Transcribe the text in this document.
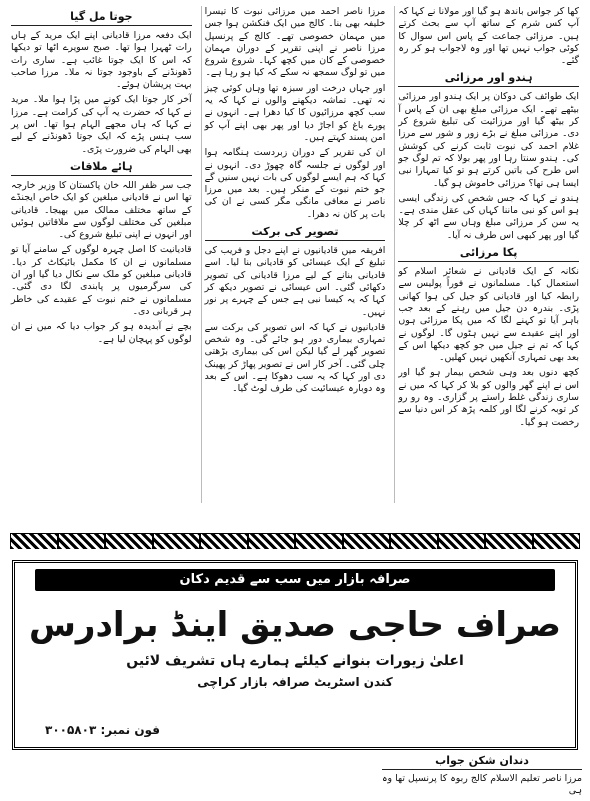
کھا کر جواس باندھ ہو گیا اور مولانا نے کہا کہ آپ کس شرم کے ساتھ آپ سے بحث کرتے ہیں۔ مرزائی جماعت کے پاس اس سوال کا کوئی جواب نہیں تھا اور وہ لاجواب ہو کر رہ گئے۔

ہندو اور مرزائی

ایک طوائف کی دوکان پر ایک ہندو اور مرزائی بیٹھے تھے۔ ایک مرزائی مبلغ بھی ان کے پاس آ کر بیٹھ گیا اور مرزائیت کی تبلیغ شروع کر دی۔ مرزائی مبلغ نے بڑے زور و شور سے مرزا غلام احمد کی نبوت ثابت کرنے کی کوشش کی۔ ہندو سنتا رہا اور پھر بولا کہ تم لوگ جو اس طرح کی باتیں کرتے ہو تو کیا تمہارا نبی ایسا ہی تھا؟ مرزائی خاموش ہو گیا۔

ہندو نے کہا کہ جس شخص کی زندگی ایسی ہو اس کو نبی ماننا کہاں کی عقل مندی ہے۔ یہ سن کر مرزائی مبلغ وہاں سے اٹھ کر چلا گیا اور پھر کبھی اس طرف نہ آیا۔

پکا مرزائی

نکانہ کے ایک قادیانی نے شعائر اسلام کو استعمال کیا۔ مسلمانوں نے فوراً پولیس سے رابطہ کیا اور قادیانی کو جیل کی ہوا کھانی پڑی۔ بندرہ دن جیل میں رہنے کے بعد جب باہر آیا تو کہنے لگا کہ میں پکا مرزائی ہوں اور اپنے عقیدے سے نہیں ہٹوں گا۔ لوگوں نے کہا کہ تم نے جیل میں جو کچھ دیکھا اس کے بعد بھی تمہاری آنکھیں نہیں کھلیں۔

کچھ دنوں بعد وہی شخص بیمار ہو گیا اور اس نے اپنے گھر والوں کو بلا کر کہا کہ میں نے ساری زندگی غلط راستے پر گزاری۔ وہ رو رو کر توبہ کرنے لگا اور کلمہ پڑھ کر اس دنیا سے رخصت ہو گیا۔

مرزا ناصر احمد میں مرزائی نبوت کا تیسرا خلیفہ بھی بنا۔ کالج میں ایک فنکشن ہوا جس میں مہمان خصوصی تھے۔ کالج کے پرنسپل مرزا ناصر نے اپنی تقریر کے دوران مہمان خصوصی کے کان میں کچھ کہا۔ شروع شروع میں تو لوگ سمجھ نہ سکے کہ کیا ہو رہا ہے۔

اور جہاں درخت اور سبزہ تھا وہاں کوئی چیز نہ تھی۔ تماشہ دیکھنے والوں نے کہا کہ یہ سب کچھ مرزائیوں کا کیا دھرا ہے۔ انہوں نے پورے باغ کو اجاڑ دیا اور پھر بھی اپنے آپ کو امن پسند کہتے ہیں۔

ان کی تقریر کے دوران زبردست ہنگامہ ہوا اور لوگوں نے جلسہ گاہ چھوڑ دی۔ انہوں نے کہا کہ ہم ایسے لوگوں کی بات نہیں سنیں گے جو ختم نبوت کے منکر ہیں۔ بعد میں مرزا ناصر نے معافی مانگی مگر کسی نے ان کی بات پر کان نہ دھرا۔

تصویر کی برکت

افریقہ میں قادیانیوں نے اپنے دجل و فریب کی تبلیغ کے ایک عیسائی کو قادیانی بنا لیا۔ اسے قادیانی بنانے کے لیے مرزا قادیانی کی تصویر دکھائی گئی۔ اس عیسائی نے تصویر دیکھ کر کہا کہ یہ کیسا نبی ہے جس کے چہرے پر نور نہیں۔

قادیانیوں نے کہا کہ اس تصویر کی برکت سے تمہاری بیماری دور ہو جائے گی۔ وہ شخص تصویر گھر لے گیا لیکن اس کی بیماری بڑھتی چلی گئی۔ آخر کار اس نے تصویر پھاڑ کر پھینک دی اور کہا کہ یہ سب دھوکا ہے۔ اس کے بعد وہ دوبارہ عیسائیت کی طرف لوٹ گیا۔

جوتا مل گیا

ایک دفعہ مرزا قادیانی اپنے ایک مرید کے ہاں رات ٹھہرا ہوا تھا۔ صبح سویرے اٹھا تو دیکھا کہ اس کا ایک جوتا غائب ہے۔ ساری رات ڈھونڈنے کے باوجود جوتا نہ ملا۔ مرزا صاحب بہت پریشان ہوئے۔

آخر کار جوتا ایک کونے میں پڑا ہوا ملا۔ مرید نے کہا کہ حضرت یہ آپ کی کرامت ہے۔ مرزا نے کہا کہ ہاں مجھے الہام ہوا تھا۔ اس پر سب ہنس پڑے کہ ایک جوتا ڈھونڈنے کے لیے بھی الہام کی ضرورت پڑی۔

ہائے ملاقات

جب سر ظفر اللہ خان پاکستان کا وزیر خارجہ تھا اس نے قادیانی مبلغین کو ایک خاص ایجنڈے کے ساتھ مختلف ممالک میں بھیجا۔ قادیانی مبلغین کی مختلف لوگوں سے ملاقاتیں ہوئیں اور انہوں نے اپنی تبلیغ شروع کی۔

قادیانیت کا اصل چہرہ لوگوں کے سامنے آیا تو مسلمانوں نے ان کا مکمل بائیکاٹ کر دیا۔ قادیانی مبلغین کو ملک سے نکال دیا گیا اور ان کی سرگرمیوں پر پابندی لگا دی گئی۔ مسلمانوں نے ختم نبوت کے عقیدے کی خاطر ہر قربانی دی۔

بچے نے آبدیدہ ہو کر جواب دیا کہ میں نے ان لوگوں کو پہچان لیا ہے۔

صرافہ بازار میں سب سے قدیم دکان
صراف حاجی صدیق اینڈ برادرس
اعلیٰ زیورات بنوانے کیلئے ہمارے ہاں تشریف لائیں
کندن اسٹریٹ صرافہ بازار کراچی
فون نمبر: ۳۰۰۵۸۰۳
دندان شکن جواب

مرزا ناصر تعلیم الاسلام کالج ربوہ کا پرنسپل تھا وہ ہی
